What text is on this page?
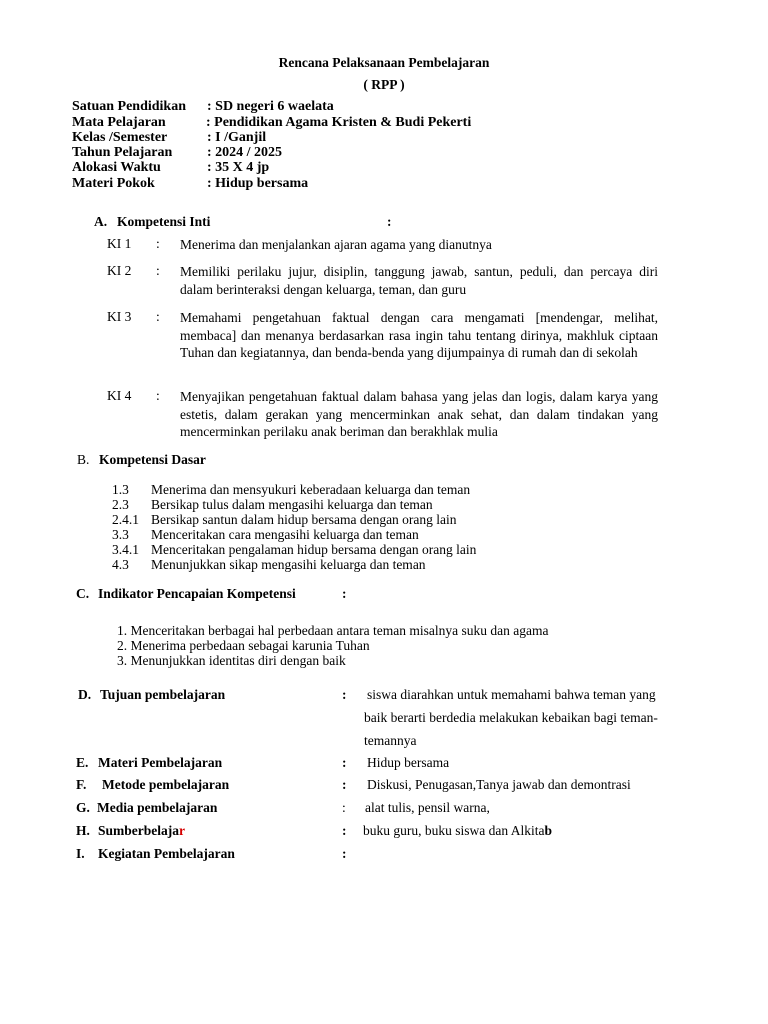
Rencana Pelaksanaan Pembelajaran
( RPP )
Satuan Pendidikan : SD negeri 6 waelata
Mata Pelajaran	: Pendidikan Agama Kristen & Budi Pekerti
Kelas /Semester	: I /Ganjil
Tahun Pelajaran : 2024 / 2025
Alokasi Waktu	: 35 X 4 jp
Materi Pokok	: Hidup bersama
A. Kompetensi Inti	:
KI 1 : Menerima dan menjalankan ajaran agama yang dianutnya
KI 2 : Memiliki perilaku jujur, disiplin, tanggung jawab, santun, peduli, dan percaya diri dalam berinteraksi dengan keluarga, teman, dan guru
KI 3 : Memahami pengetahuan faktual dengan cara mengamati [mendengar, melihat, membaca] dan menanya berdasarkan rasa ingin tahu tentang dirinya, makhluk ciptaan Tuhan dan kegiatannya, dan benda-benda yang dijumpainya di rumah dan di sekolah
KI 4 : Menyajikan pengetahuan faktual dalam bahasa yang jelas dan logis, dalam karya yang estetis, dalam gerakan yang mencerminkan anak sehat, dan dalam tindakan yang mencerminkan perilaku anak beriman dan berakhlak mulia
B. Kompetensi Dasar
1.3 Menerima dan mensyukuri keberadaan keluarga dan teman
2.3 Bersikap tulus dalam mengasihi keluarga dan teman
2.4.1 Bersikap santun dalam hidup bersama dengan orang lain
3.3 Menceritakan cara mengasihi keluarga dan teman
3.4.1 Menceritakan pengalaman hidup bersama dengan orang lain
4.3 Menunjukkan sikap mengasihi keluarga dan teman
C. Indikator Pencapaian Kompetensi	:
1. Menceritakan berbagai hal perbedaan antara teman misalnya suku dan agama
2. Menerima perbedaan sebagai karunia Tuhan
3. Menunjukkan identitas diri dengan baik
D. Tujuan pembelajaran	: siswa diarahkan untuk memahami bahwa teman yang
baik berarti berdedia melakukan kebaikan bagi teman-
temannya
E. Materi Pembelajaran	: Hidup bersama
F. Metode pembelajaran	: Diskusi, Penugasan,Tanya jawab dan demontrasi
G. Media pembelajaran	: alat tulis, pensil warna,
H. Sumberbelajar	: buku guru, buku siswa dan Alkitab
I. Kegiatan Pembelajaran	:
